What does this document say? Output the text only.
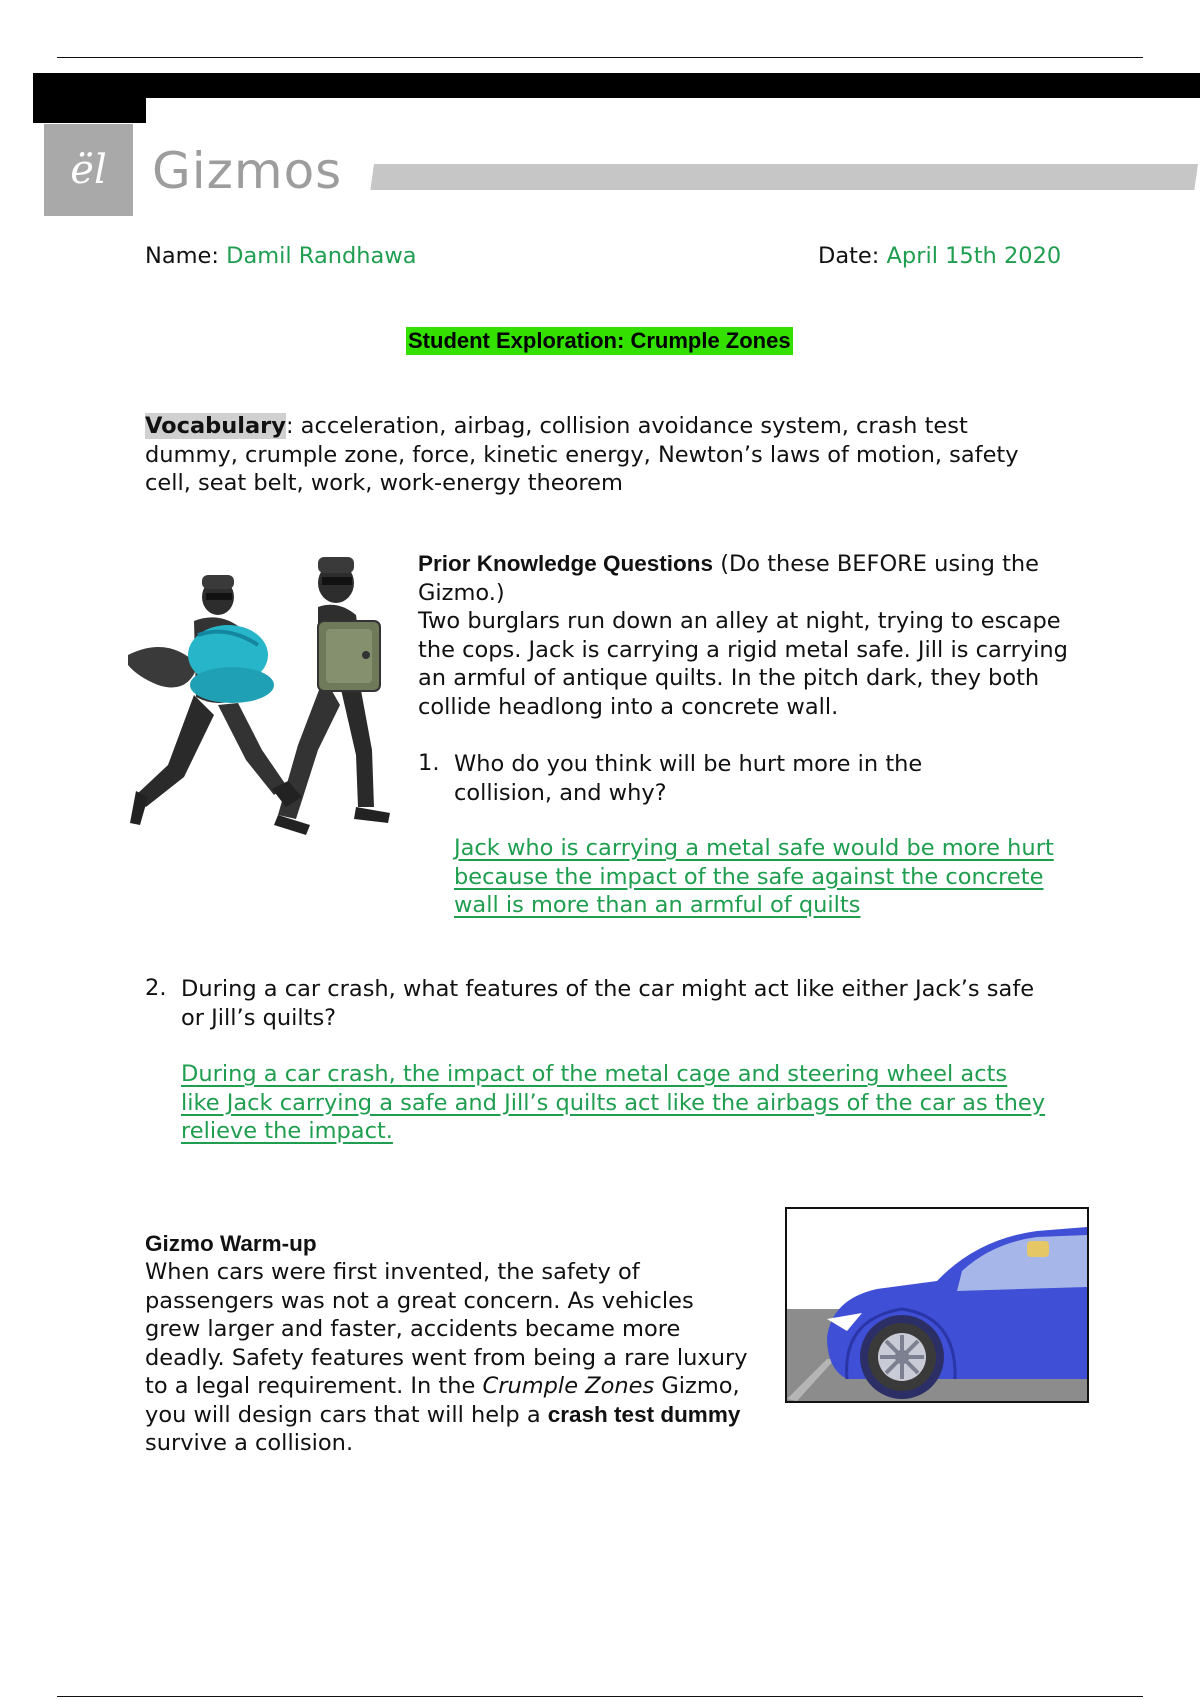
ël Gizmos
Name: Damil Randhawa	Date: April 15th 2020
Student Exploration: Crumple Zones
Vocabulary: acceleration, airbag, collision avoidance system, crash test dummy, crumple zone, force, kinetic energy, Newton’s laws of motion, safety cell, seat belt, work, work-energy theorem
Prior Knowledge Questions (Do these BEFORE using the Gizmo.)
Two burglars run down an alley at night, trying to escape the cops. Jack is carrying a rigid metal safe. Jill is carrying an armful of antique quilts. In the pitch dark, they both collide headlong into a concrete wall.
1. Who do you think will be hurt more in the collision, and why?
Jack who is carrying a metal safe would be more hurt because the impact of the safe against the concrete wall is more than an armful of quilts
2. During a car crash, what features of the car might act like either Jack’s safe or Jill’s quilts?
During a car crash, the impact of the metal cage and steering wheel acts like Jack carrying a safe and Jill’s quilts act like the airbags of the car as they relieve the impact.
Gizmo Warm-up
When cars were first invented, the safety of passengers was not a great concern. As vehicles grew larger and faster, accidents became more deadly. Safety features went from being a rare luxury to a legal requirement. In the Crumple Zones Gizmo, you will design cars that will help a crash test dummy survive a collision.
